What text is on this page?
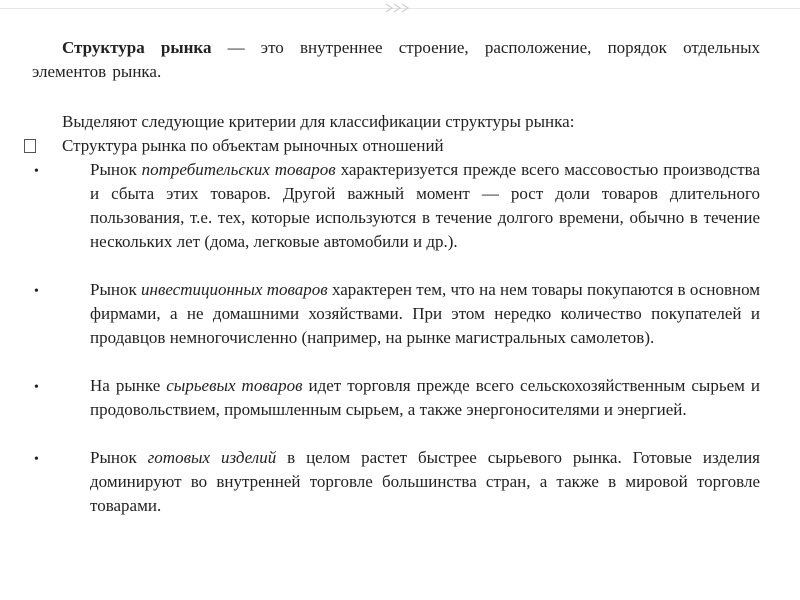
Структура рынка — это внутреннее строение, расположение, порядок отдельных элементов рынка.
Выделяют следующие критерии для классификации структуры рынка:
Структура рынка по объектам рыночных отношений
•	Рынок потребительских товаров характеризуется прежде всего массовостью производства и сбыта этих товаров. Другой важный момент — рост доли товаров длительного пользования, т.е. тех, которые используются в течение долгого времени, обычно в течение нескольких лет (дома, легковые автомобили и др.).
•	Рынок инвестиционных товаров характерен тем, что на нем товары покупаются в основном фирмами, а не домашними хозяйствами. При этом нередко количество покупателей и продавцов немногочисленно (например, на рынке магистральных самолетов).
•	На рынке сырьевых товаров идет торговля прежде всего сельскохозяйственным сырьем и продовольствием, промышленным сырьем, а также энергоносителями и энергией.
•	Рынок готовых изделий в целом растет быстрее сырьевого рынка. Готовые изделия доминируют во внутренней торговле большинства стран, а также в мировой торговле товарами.
